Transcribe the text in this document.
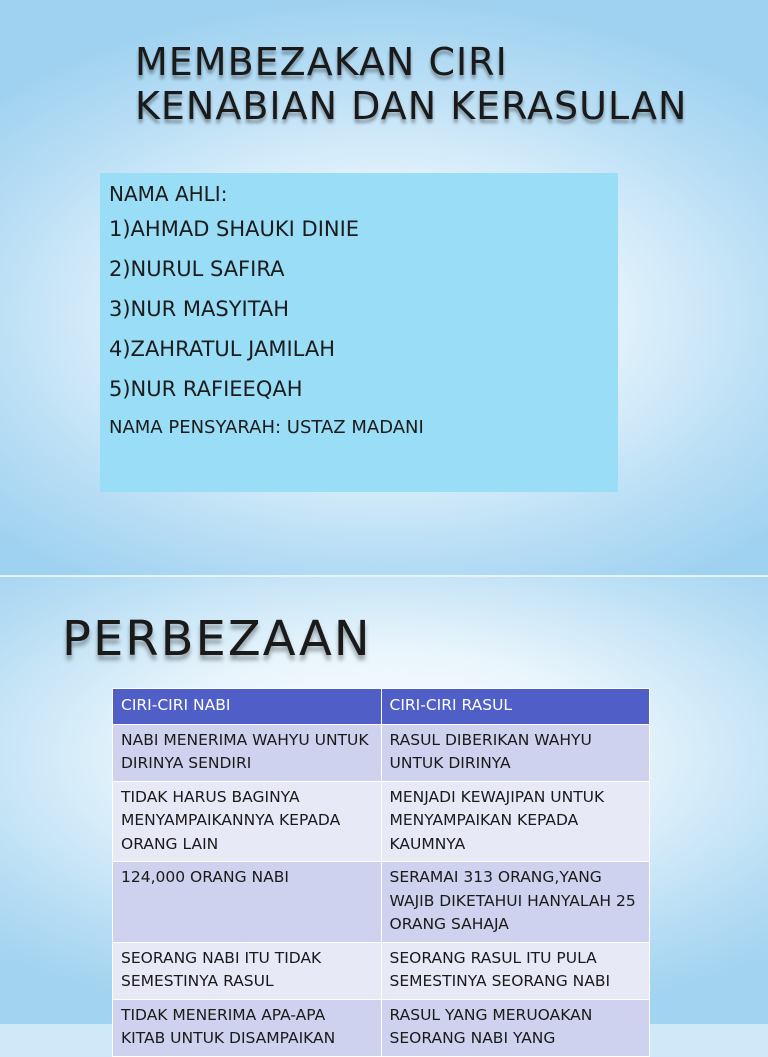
MEMBEZAKAN CIRI
KENABIAN DAN KERASULAN
NAMA AHLI:
1)AHMAD SHAUKI DINIE
2)NURUL SAFIRA
3)NUR MASYITAH
4)ZAHRATUL JAMILAH
5)NUR RAFIEEQAH
NAMA PENSYARAH: USTAZ MADANI
PERBEZAAN
CIRI-CIRI NABI	CIRI-CIRI RASUL
NABI MENERIMA WAHYU UNTUK DIRINYA SENDIRI	RASUL DIBERIKAN WAHYU UNTUK DIRINYA
TIDAK HARUS BAGINYA MENYAMPAIKANNYA KEPADA ORANG LAIN	MENJADI KEWAJIPAN UNTUK MENYAMPAIKAN KEPADA KAUMNYA
124,000 ORANG NABI	SERAMAI 313 ORANG,YANG WAJIB DIKETAHUI HANYALAH 25 ORANG SAHAJA
SEORANG NABI ITU TIDAK SEMESTINYA RASUL	SEORANG RASUL ITU PULA SEMESTINYA SEORANG NABI
TIDAK MENERIMA APA-APA KITAB UNTUK DISAMPAIKAN	RASUL YANG MERUOAKAN SEORANG NABI YANG
